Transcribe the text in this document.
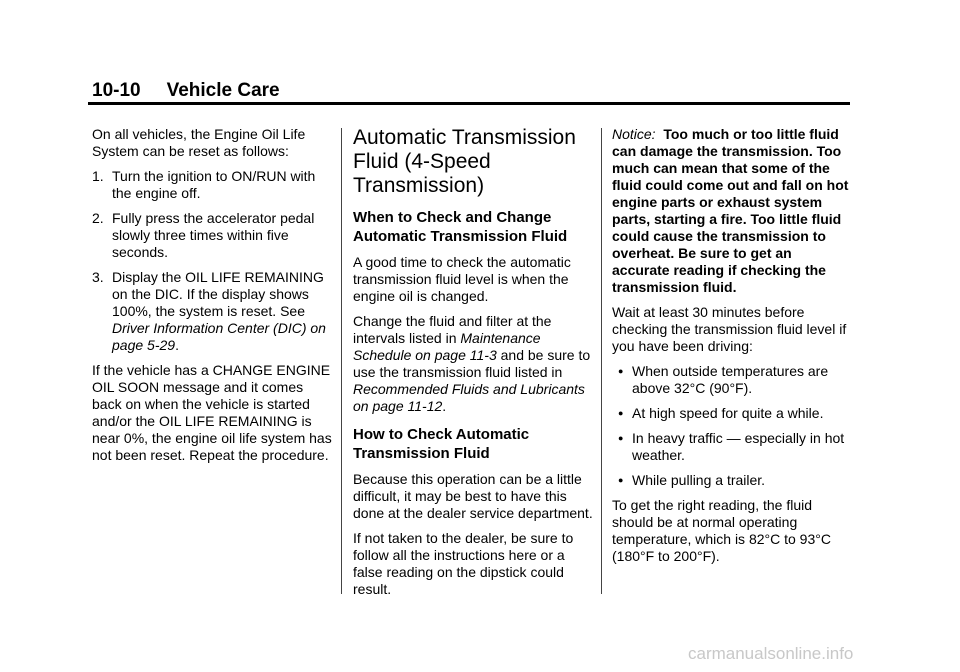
10-10 Vehicle Care

On all vehicles, the Engine Oil Life System can be reset as follows:

1. Turn the ignition to ON/RUN with the engine off.
2. Fully press the accelerator pedal slowly three times within five seconds.
3. Display the OIL LIFE REMAINING on the DIC. If the display shows 100%, the system is reset. See Driver Information Center (DIC) on page 5-29.

If the vehicle has a CHANGE ENGINE OIL SOON message and it comes back on when the vehicle is started and/or the OIL LIFE REMAINING is near 0%, the engine oil life system has not been reset. Repeat the procedure.

Automatic Transmission Fluid (4-Speed Transmission)
When to Check and Change Automatic Transmission Fluid

A good time to check the automatic transmission fluid level is when the engine oil is changed.

Change the fluid and filter at the intervals listed in Maintenance Schedule on page 11-3 and be sure to use the transmission fluid listed in Recommended Fluids and Lubricants on page 11-12.

How to Check Automatic Transmission Fluid

Because this operation can be a little difficult, it may be best to have this done at the dealer service department.

If not taken to the dealer, be sure to follow all the instructions here or a false reading on the dipstick could result.

Notice: Too much or too little fluid can damage the transmission. Too much can mean that some of the fluid could come out and fall on hot engine parts or exhaust system parts, starting a fire. Too little fluid could cause the transmission to overheat. Be sure to get an accurate reading if checking the transmission fluid.

Wait at least 30 minutes before checking the transmission fluid level if you have been driving:

● When outside temperatures are above 32°C (90°F).
● At high speed for quite a while.
● In heavy traffic — especially in hot weather.
● While pulling a trailer.

To get the right reading, the fluid should be at normal operating temperature, which is 82°C to 93°C (180°F to 200°F).

carmanualsonline.info
